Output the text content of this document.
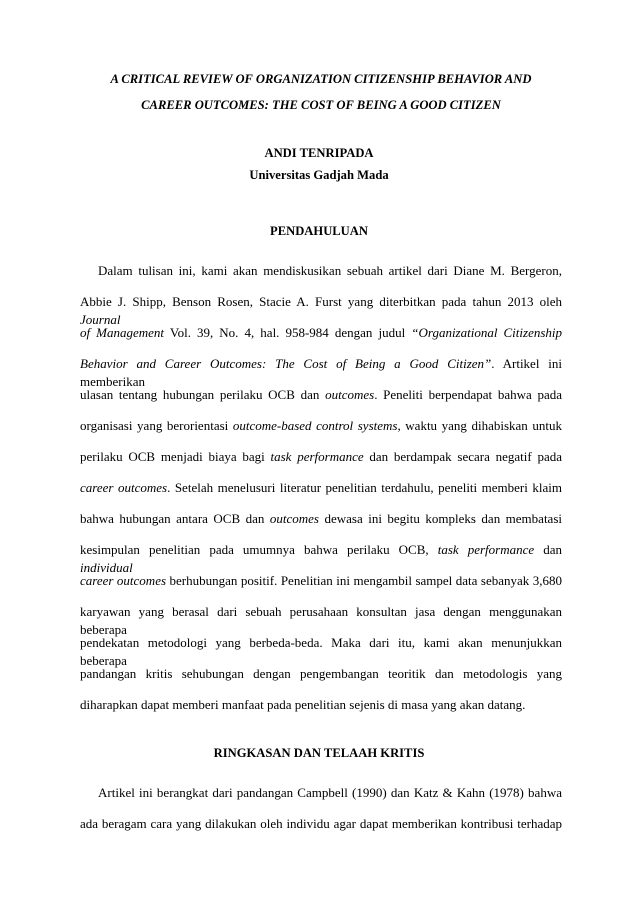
A CRITICAL REVIEW OF ORGANIZATION CITIZENSHIP BEHAVIOR AND
CAREER OUTCOMES: THE COST OF BEING A GOOD CITIZEN
ANDI TENRIPADA
Universitas Gadjah Mada
PENDAHULUAN
Dalam tulisan ini, kami akan mendiskusikan sebuah artikel dari Diane M. Bergeron,
Abbie J. Shipp, Benson Rosen, Stacie A. Furst yang diterbitkan pada tahun 2013 oleh Journal
of Management Vol. 39, No. 4, hal. 958-984 dengan judul “Organizational Citizenship
Behavior and Career Outcomes: The Cost of Being a Good Citizen”. Artikel ini memberikan
ulasan tentang hubungan perilaku OCB dan outcomes. Peneliti berpendapat bahwa pada
organisasi yang berorientasi outcome-based control systems, waktu yang dihabiskan untuk
perilaku OCB menjadi biaya bagi task performance dan berdampak secara negatif pada
career outcomes. Setelah menelusuri literatur penelitian terdahulu, peneliti memberi klaim
bahwa hubungan antara OCB dan outcomes dewasa ini begitu kompleks dan membatasi
kesimpulan penelitian pada umumnya bahwa perilaku OCB, task performance dan individual
career outcomes berhubungan positif. Penelitian ini mengambil sampel data sebanyak 3,680
karyawan yang berasal dari sebuah perusahaan konsultan jasa dengan menggunakan beberapa
pendekatan metodologi yang berbeda-beda. Maka dari itu, kami akan menunjukkan beberapa
pandangan kritis sehubungan dengan pengembangan teoritik dan metodologis yang
diharapkan dapat memberi manfaat pada penelitian sejenis di masa yang akan datang.
RINGKASAN DAN TELAAH KRITIS
Artikel ini berangkat dari pandangan Campbell (1990) dan Katz & Kahn (1978) bahwa
ada beragam cara yang dilakukan oleh individu agar dapat memberikan kontribusi terhadap
